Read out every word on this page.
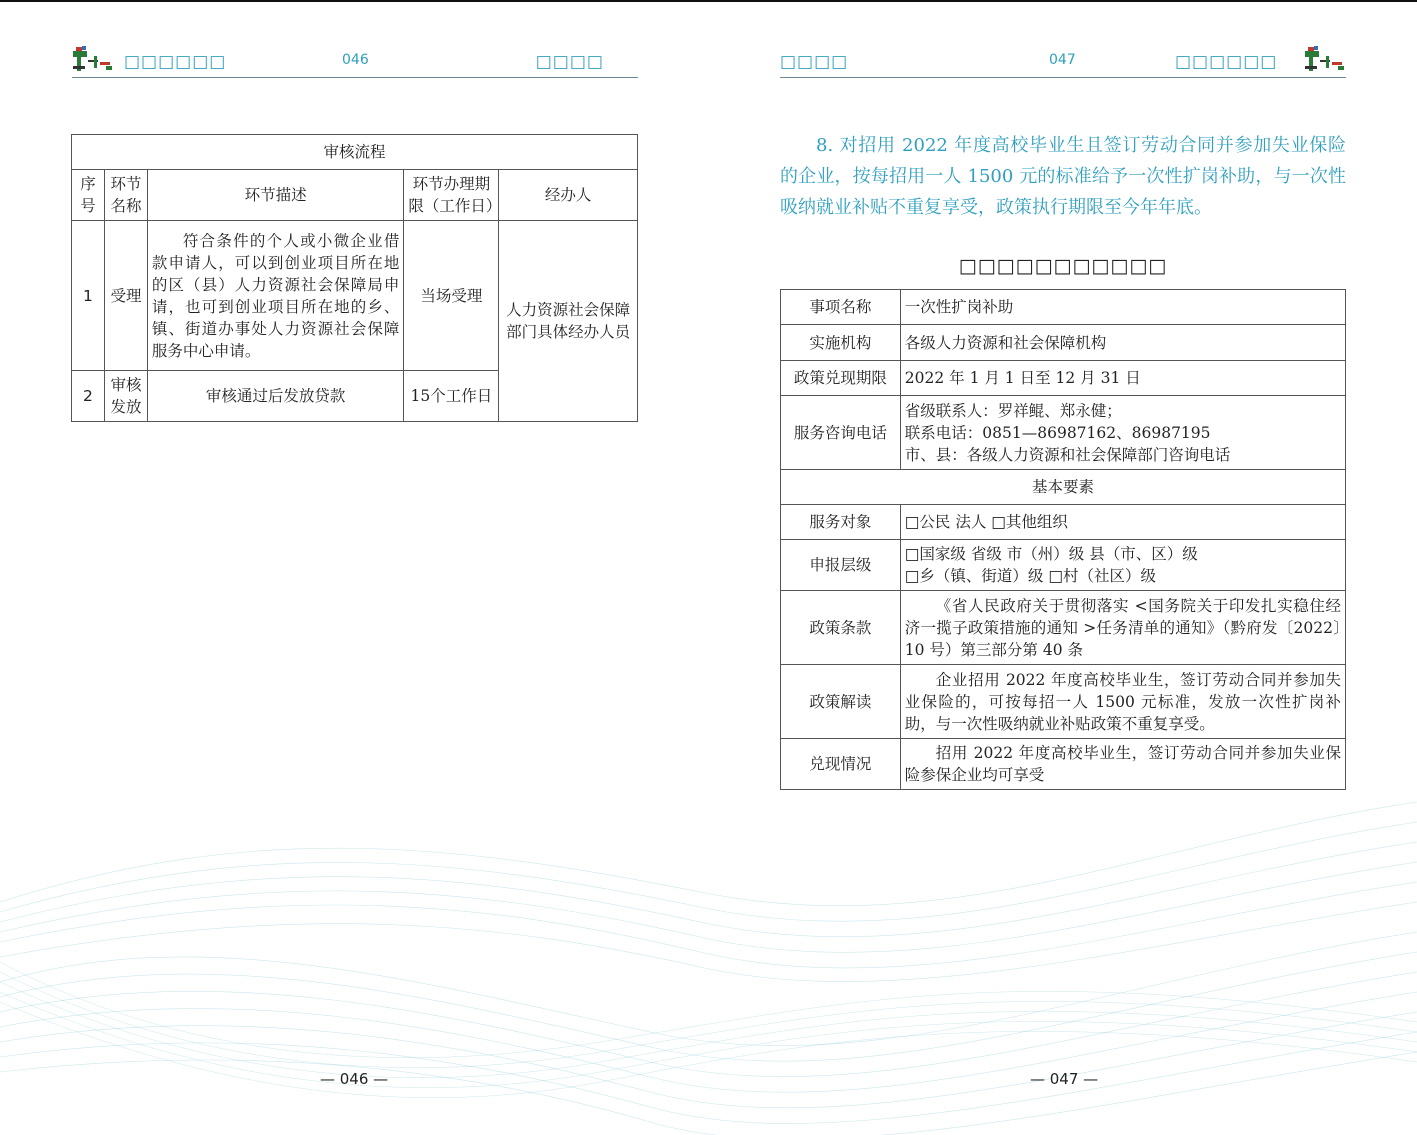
□□□□□□	046	□□□□
审核流程				
序号	环节名称	环节描述	环节办理期限（工作日）	经办人
1	受理	符合条件的个人或小微企业借款申请人，可以到创业项目所在地的区（县）人力资源社会保障局申请，也可到创业项目所在地的乡、镇、街道办事处人力资源社会保障服务中心申请。	当场受理	人力资源社会保障部门具体经办人员
2	审核发放	审核通过后发放贷款	15个工作日	
— 046 —
□□□□	047	□□□□□□
8. 对招用 2022 年度高校毕业生且签订劳动合同并参加失业保险的企业，按每招用一人 1500 元的标准给予一次性扩岗补助，与一次性吸纳就业补贴不重复享受，政策执行期限至今年年底。
□□□□□□□□□□□
事项名称	一次性扩岗补助
实施机构	各级人力资源和社会保障机构
政策兑现期限	2022 年 1 月 1 日至 12 月 31 日
服务咨询电话	省级联系人：罗祥鲲、郑永健；
联系电话：0851—86987162、86987195
市、县：各级人力资源和社会保障部门咨询电话

基本要素	
服务对象	□公民 法人 □其他组织
申报层级	□国家级 省级 市（州）级 县（市、区）级
□乡（镇、街道）级 □村（社区）级

政策条款	《省人民政府关于贯彻落实 <国务院关于印发扎实稳住经济一揽子政策措施的通知 >任务清单的通知》（黔府发〔2022〕10 号）第三部分第 40 条
政策解读	企业招用 2022 年度高校毕业生，签订劳动合同并参加失业保险的，可按每招一人 1500 元标准，发放一次性扩岗补助，与一次性吸纳就业补贴政策不重复享受。
兑现情况	招用 2022 年度高校毕业生，签订劳动合同并参加失业保险参保企业均可享受
— 047 —
